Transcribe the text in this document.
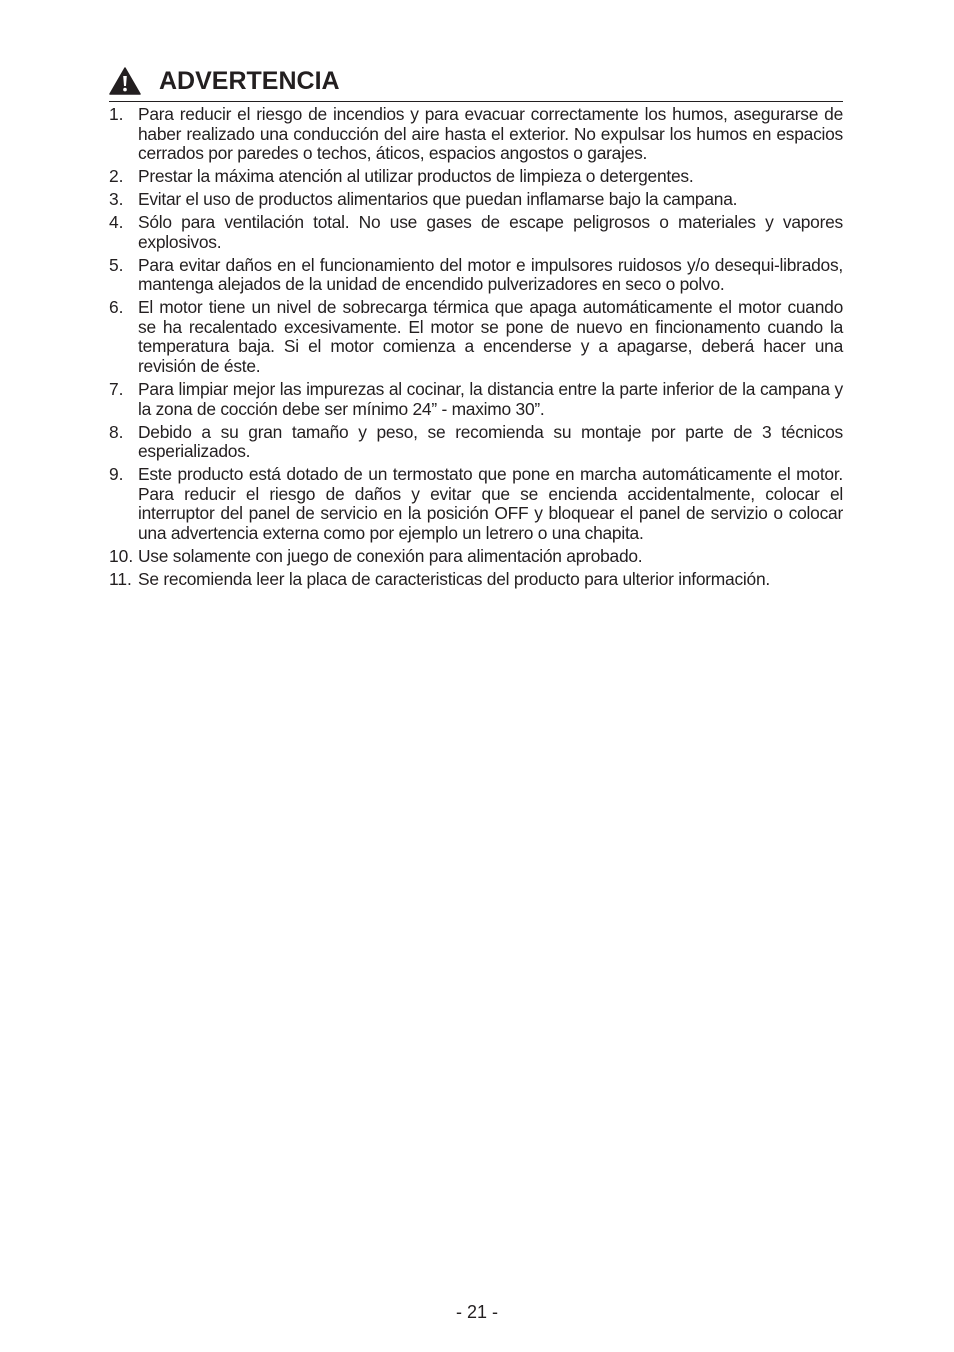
ADVERTENCIA
1. Para reducir el riesgo de incendios y para evacuar correctamente los humos, asegurarse de haber realizado una conducción del aire hasta el exterior. No expulsar los humos en espacios cerrados por paredes o techos, áticos, espacios angostos o garajes.
2. Prestar la máxima atención al utilizar productos de limpieza o detergentes.
3. Evitar el uso de productos alimentarios que puedan inflamarse bajo la campana.
4. Sólo para ventilación total. No use gases de escape peligrosos o materiales y vapores explosivos.
5. Para evitar daños en el funcionamiento del motor e impulsores ruidosos y/o desequi-librados, mantenga alejados de la unidad de encendido pulverizadores en seco o polvo.
6. El motor tiene un nivel de sobrecarga térmica que apaga automáticamente el motor cuando se ha recalentado excesivamente. El motor se pone de nuevo en fincionamento cuando la temperatura baja. Si el motor comienza a encenderse y a apagarse, deberá hacer una revisión de éste.
7. Para limpiar mejor las impurezas al cocinar, la distancia entre la parte inferior de la campana y la zona de cocción debe ser mínimo 24” - maximo 30”.
8. Debido a su gran tamaño y peso, se recomienda su montaje por parte de 3 técnicos esperializados.
9. Este producto está dotado de un termostato que pone en marcha automáticamente el motor. Para reducir el riesgo de daños y evitar que se encienda accidentalmente, colocar el interruptor del panel de servicio en la posición OFF y bloquear el panel de servizio o colocar una advertencia externa como por ejemplo un letrero o una chapita.
10. Use solamente con juego de conexión para alimentación aprobado.
11. Se recomienda leer la placa de caracteristicas del producto para ulterior información.
- 21 -
